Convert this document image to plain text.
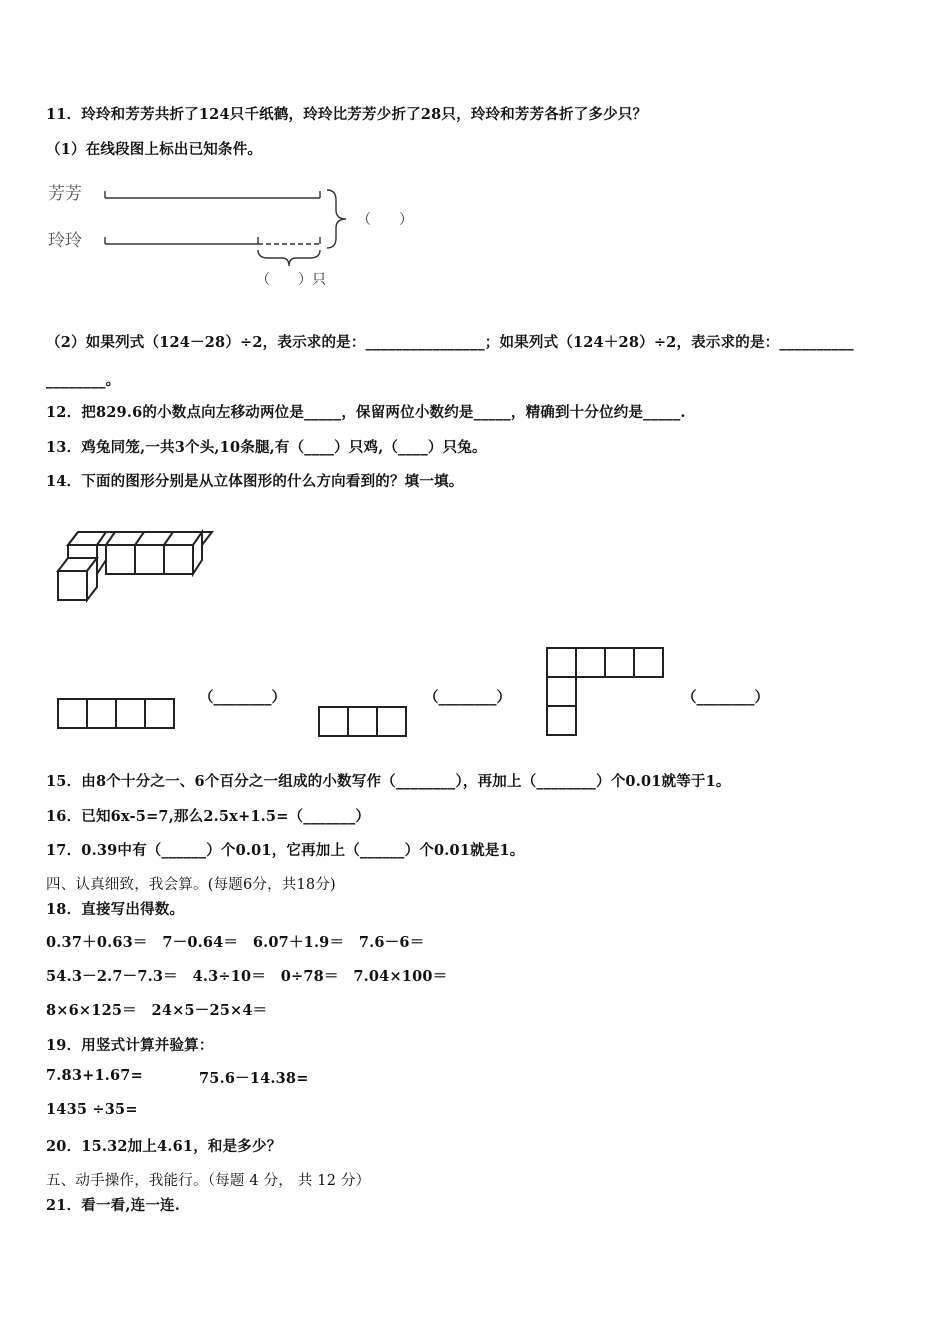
11．玲玲和芳芳共折了124只千纸鹤，玲玲比芳芳少折了28只，玲玲和芳芳各折了多少只？
（1）在线段图上标出已知条件。
芳芳
玲玲
（　　）
（　　）只
（2）如果列式（124－28）÷2，表示求的是：________________；如果列式（124＋28）÷2，表示求的是：__________
________。
12．把829.6的小数点向左移动两位是_____，保留两位小数约是_____，精确到十分位约是_____.
13．鸡兔同笼,一共3个头,10条腿,有（____）只鸡,（____）只兔。
14．下面的图形分别是从立体图形的什么方向看到的？填一填。
（________）	（________）	（________）
15．由8个十分之一、6个百分之一组成的小数写作（________），再加上（________）个0.01就等于1。
16．已知6x-5=7,那么2.5x+1.5=（_______）
17．0.39中有（______）个0.01，它再加上（______）个0.01就是1。
四、认真细致，我会算。(每题6分，共18分)
18．直接写出得数。
0.37＋0.63＝　7－0.64＝　6.07＋1.9＝　7.6－6＝
54.3－2.7－7.3＝　4.3÷10＝　0÷78＝　7.04×100＝
8×6×125＝　24×5－25×4＝
19．用竖式计算并验算：
7.83+1.67=	75.6－14.38=
1435 ÷35=
20．15.32加上4.61，和是多少？
五、动手操作，我能行。（每题 4 分， 共 12 分）
21．看一看,连一连.
